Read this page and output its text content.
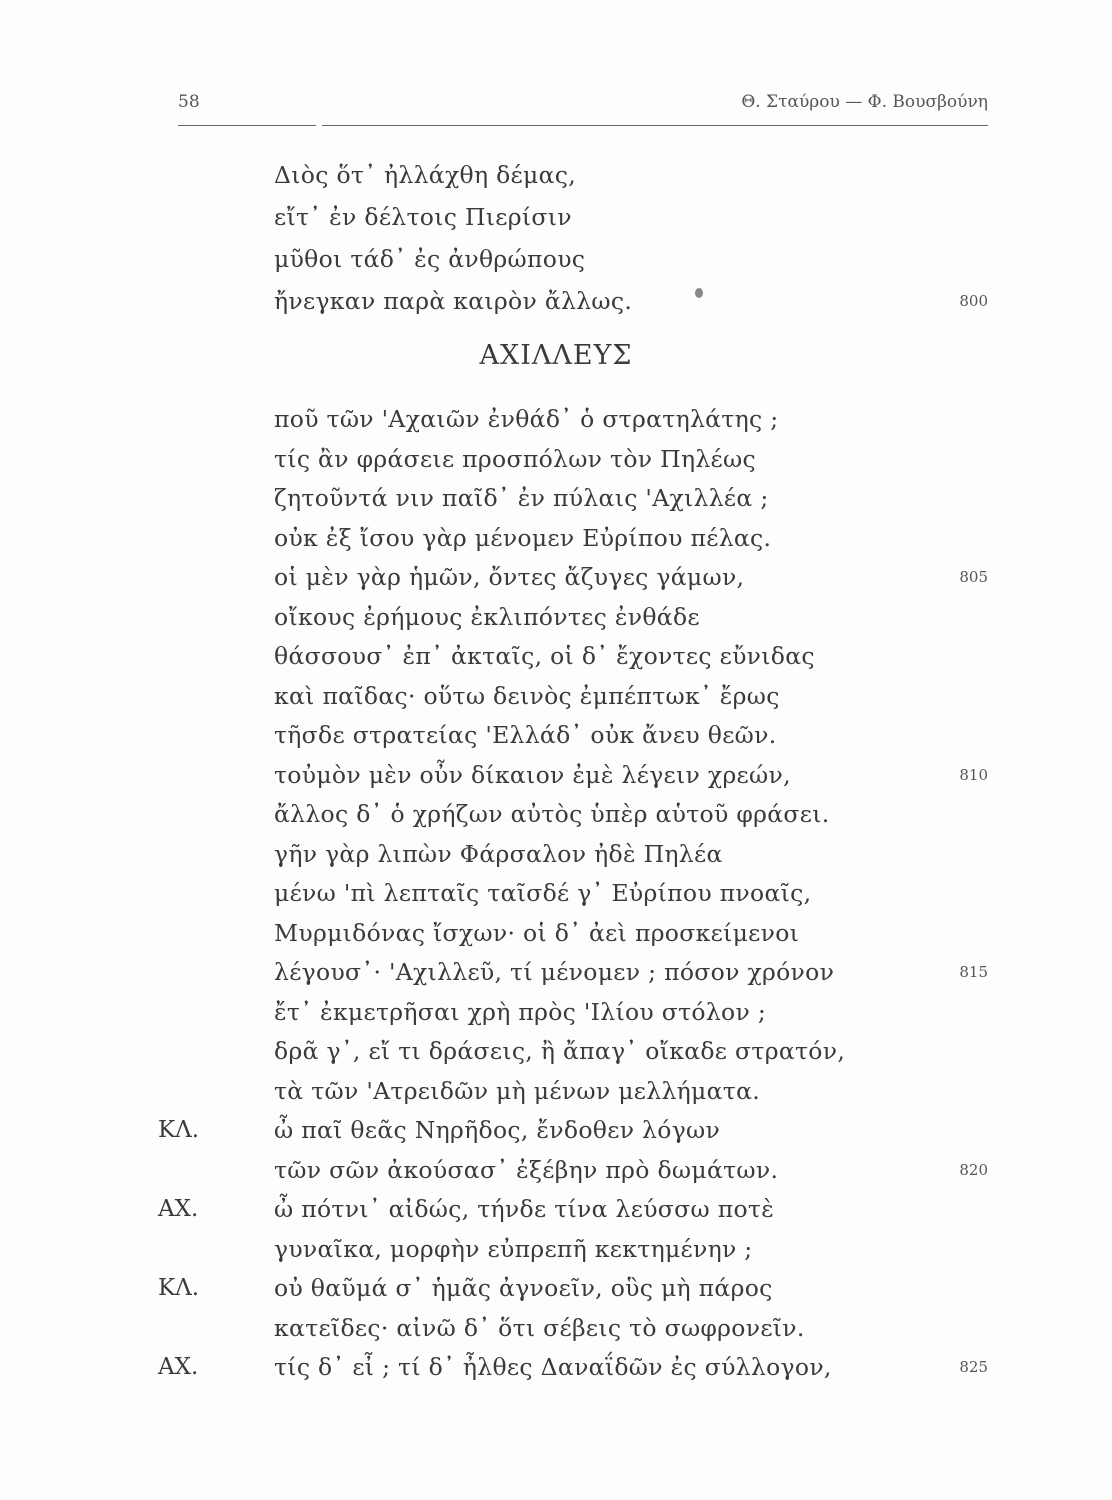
58	Θ. Σταύρου — Φ. Βουσβούνη
Διὸς ὅτ᾽ ἠλλάχθη δέμας,
εἴτ᾽ ἐν δέλτοις Πιερίσιν
μῦθοι τάδ᾽ ἐς ἀνθρώπους
ἤνεγκαν παρὰ καιρὸν ἄλλως.	800
ΑΧΙΛΛΕΥΣ
ποῦ τῶν 'Αχαιῶν ἐνθάδ᾽ ὁ στρατηλάτης ;
τίς ἂν φράσειε προσπόλων τὸν Πηλέως
ζητοῦντά νιν παῖδ᾽ ἐν πύλαις 'Αχιλλέα ;
οὐκ ἐξ ἴσου γὰρ μένομεν Εὐρίπου πέλας.
οἱ μὲν γὰρ ἡμῶν, ὄντες ἄζυγες γάμων,	805
οἴκους ἐρήμους ἐκλιπόντες ἐνθάδε
θάσσουσ᾽ ἐπ᾽ ἀκταῖς, οἱ δ᾽ ἔχοντες εὔνιδας
καὶ παῖδας· οὕτω δεινὸς ἐμπέπτωκ᾽ ἔρως
τῆσδε στρατείας 'Ελλάδ᾽ οὐκ ἄνευ θεῶν.
τοὐμὸν μὲν οὖν δίκαιον ἐμὲ λέγειν χρεών,	810
ἄλλος δ᾽ ὁ χρήζων αὐτὸς ὑπὲρ αὑτοῦ φράσει.
γῆν γὰρ λιπὼν Φάρσαλον ἠδὲ Πηλέα
μένω 'πὶ λεπταῖς ταῖσδέ γ᾽ Εὐρίπου πνοαῖς,
Μυρμιδόνας ἴσχων· οἱ δ᾽ ἀεὶ προσκείμενοι
λέγουσ᾽· 'Αχιλλεῦ, τί μένομεν ; πόσον χρόνον	815
ἔτ᾽ ἐκμετρῆσαι χρὴ πρὸς 'Ιλίου στόλον ;
δρᾶ γ᾽, εἴ τι δράσεις, ἢ ἄπαγ᾽ οἴκαδε στρατόν,
τὰ τῶν 'Ατρειδῶν μὴ μένων μελλήματα.
ΚΛ.	ὦ παῖ θεᾶς Νηρῆδος, ἔνδοθεν λόγων
τῶν σῶν ἀκούσασ᾽ ἐξέβην πρὸ δωμάτων.	820
ΑΧ.	ὦ πότνι᾽ αἰδώς, τήνδε τίνα λεύσσω ποτὲ
γυναῖκα, μορφὴν εὐπρεπῆ κεκτημένην ;
ΚΛ.	οὐ θαῦμά σ᾽ ἡμᾶς ἀγνοεῖν, οὓς μὴ πάρος
κατεῖδες· αἰνῶ δ᾽ ὅτι σέβεις τὸ σωφρονεῖν.
ΑΧ.	τίς δ᾽ εἶ ; τί δ᾽ ἦλθες Δαναΐδῶν ἐς σύλλογον,	825
